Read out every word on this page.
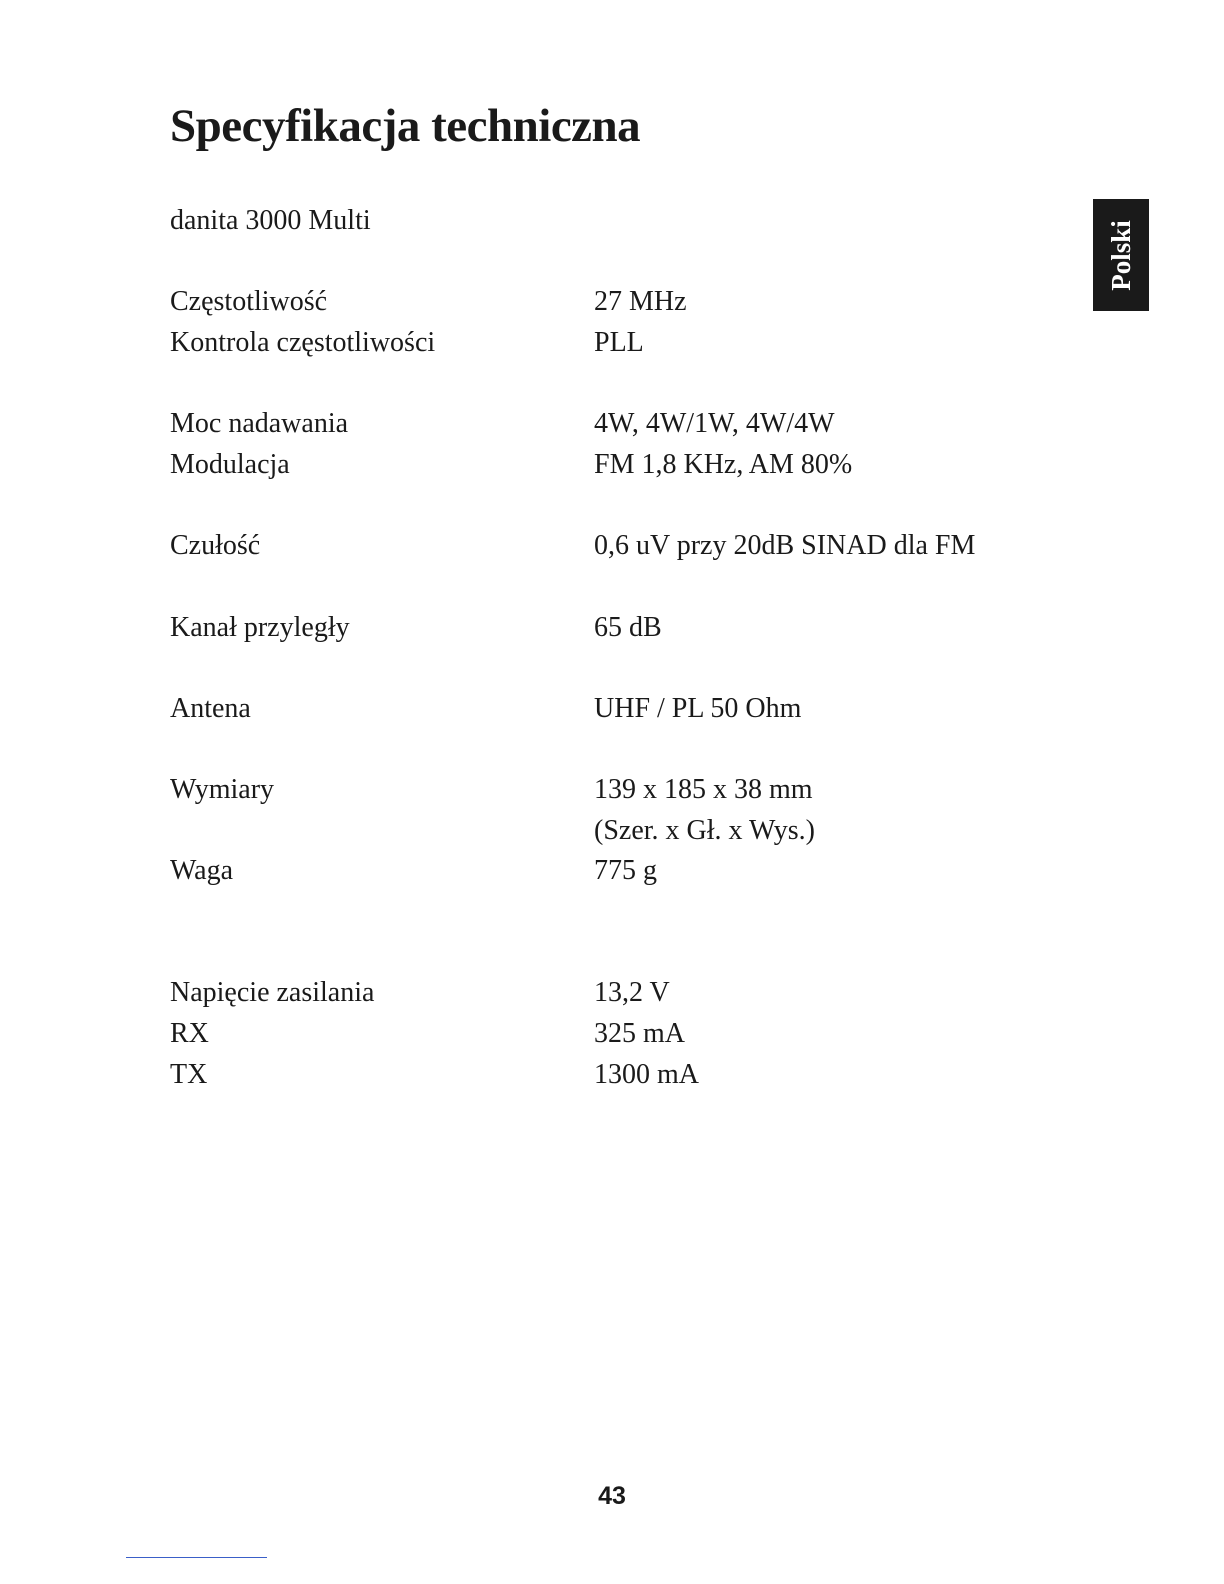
Specyfikacja techniczna
danita 3000 Multi	Polski
Częstotliwość	27 MHz
Kontrola częstotliwości	PLL
Moc nadawania	4W, 4W/1W, 4W/4W
Modulacja	FM 1,8 KHz, AM 80%
Czułość	0,6 uV przy 20dB SINAD dla FM
Kanał przyległy	65 dB
Antena	UHF / PL 50 Ohm
Wymiary	139 x 185 x 38 mm
(Szer. x Gł. x Wys.)
Waga	775 g
Napięcie zasilania	13,2 V
RX	325 mA
TX	1300 mA
43
